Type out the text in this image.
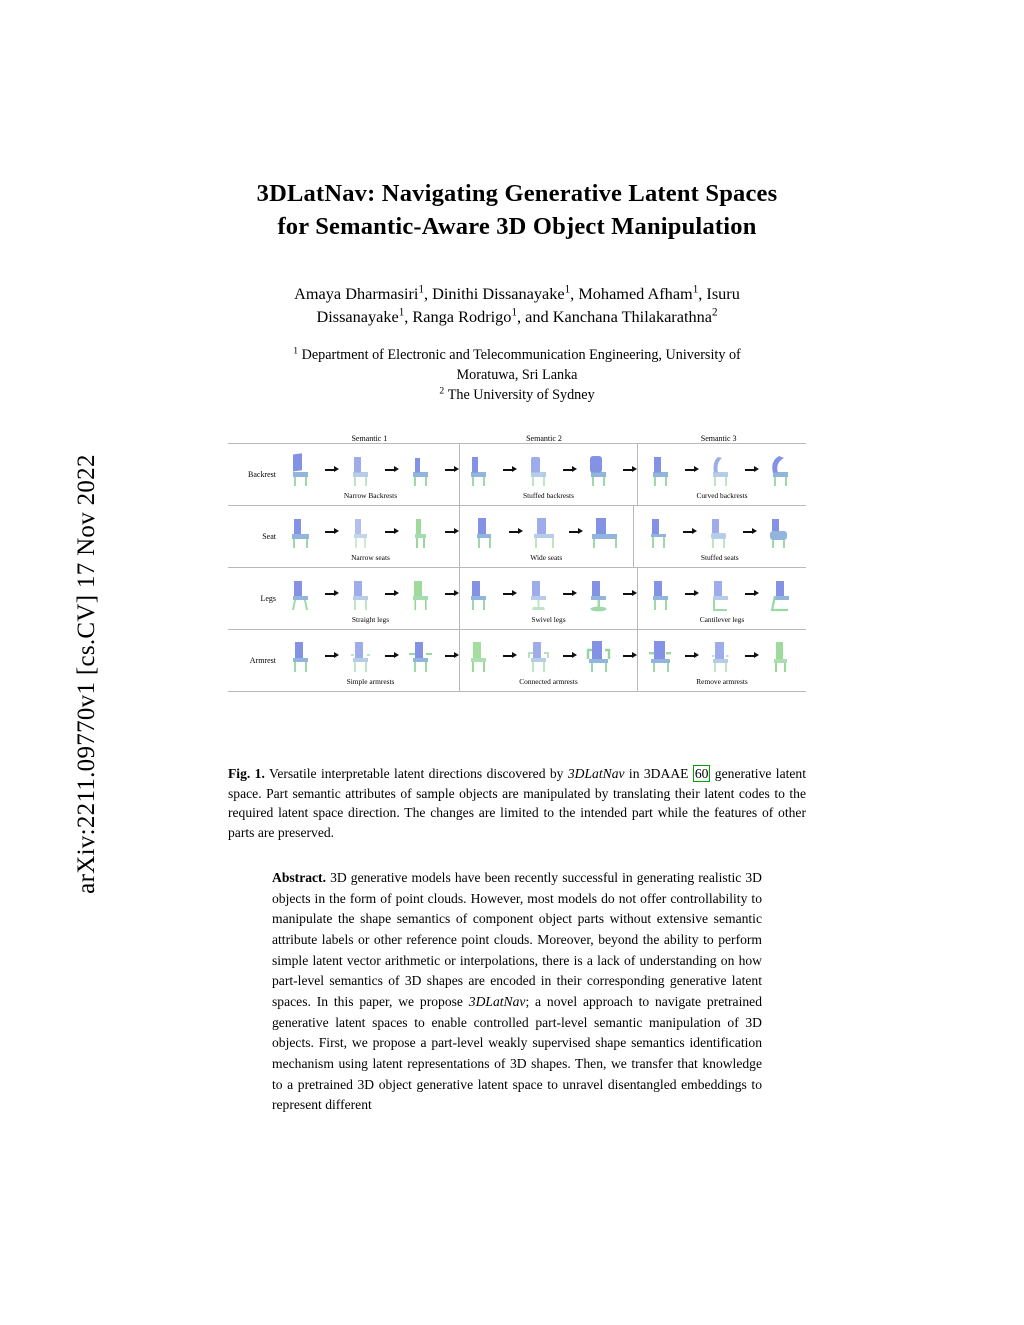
arXiv:2211.09770v1 [cs.CV] 17 Nov 2022
3DLatNav: Navigating Generative Latent Spaces
for Semantic-Aware 3D Object Manipulation
Amaya Dharmasiri$^1$, Dinithi Dissanayake$^1$, Mohamed Afham$^1$, Isuru
Dissanayake$^1$, Ranga Rodrigo$^1$, and Kanchana Thilakarathna$^2$
$^1$ Department of Electronic and Telecommunication Engineering, University of
Moratuwa, Sri Lanka
$^2$ The University of Sydney
Semantic 1	Semantic 2	Semantic 3
Backrest
Narrow Backrests	Stuffed backrests	Curved backrests
Seat
Narrow seats	Wide seats	Stuffed seats
Legs
Straight legs	Swivel legs	Cantilever legs
Armrest
Simple armrests	Connected armrests	Remove armrests
Fig. 1. Versatile interpretable latent directions discovered by 3DLatNav in 3DAAE 60 generative latent space. Part semantic attributes of sample objects are manipulated by translating their latent codes to the required latent space direction. The changes are limited to the intended part while the features of other parts are preserved.
Abstract. 3D generative models have been recently successful in generating realistic 3D objects in the form of point clouds. However, most models do not offer controllability to manipulate the shape semantics of component object parts without extensive semantic attribute labels or other reference point clouds. Moreover, beyond the ability to perform simple latent vector arithmetic or interpolations, there is a lack of understanding on how part-level semantics of 3D shapes are encoded in their corresponding generative latent spaces. In this paper, we propose 3DLatNav; a novel approach to navigate pretrained generative latent spaces to enable controlled part-level semantic manipulation of 3D objects. First, we propose a part-level weakly supervised shape semantics identification mechanism using latent representations of 3D shapes. Then, we transfer that knowledge to a pretrained 3D object generative latent space to unravel disentangled embeddings to represent different
